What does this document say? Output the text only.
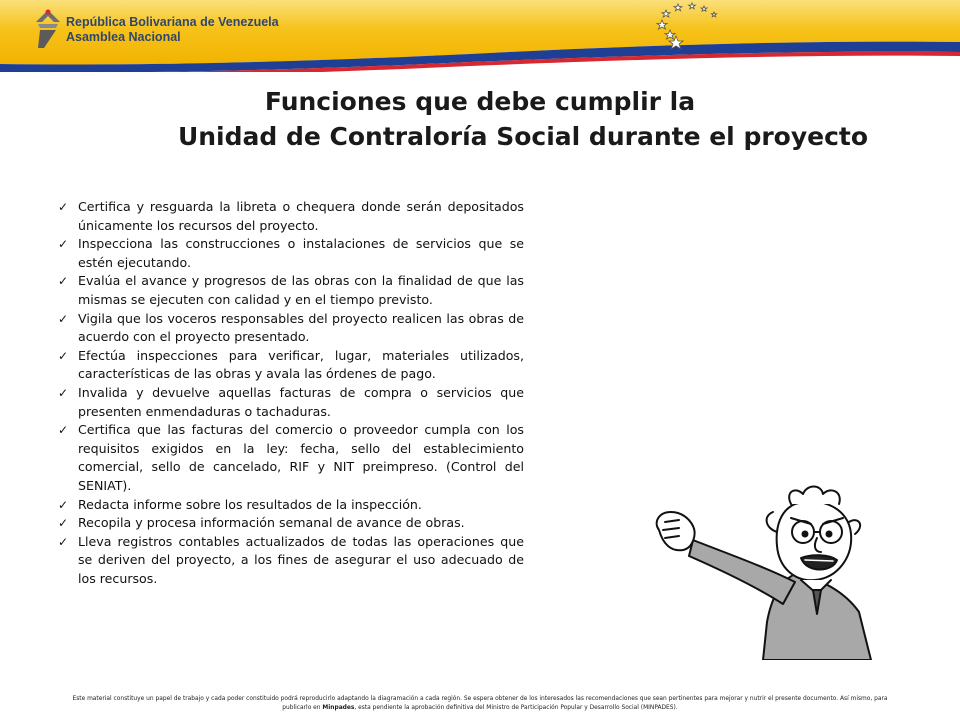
República Bolivariana de Venezuela
Asamblea Nacional
Funciones que debe cumplir la
Unidad de Contraloría Social durante el proyecto
✓ Certifica y resguarda la libreta o chequera donde serán depositados únicamente los recursos del proyecto.
✓ Inspecciona las construcciones o instalaciones de servicios que se estén ejecutando.
✓ Evalúa el avance y progresos de las obras con la finalidad de que las mismas se ejecuten con calidad y en el tiempo previsto.
✓ Vigila que los voceros responsables del proyecto realicen las obras de acuerdo con el proyecto presentado.
✓ Efectúa inspecciones para verificar, lugar, materiales utilizados, características de las obras y avala las órdenes de pago.
✓ Invalida y devuelve aquellas facturas de compra o servicios que presenten enmendaduras o tachaduras.
✓ Certifica que las facturas del comercio o proveedor cumpla con los requisitos exigidos en la ley: fecha, sello del establecimiento comercial, sello de cancelado, RIF y NIT preimpreso. (Control del SENIAT).
✓ Redacta informe sobre los resultados de la inspección.
✓ Recopila y procesa información semanal de avance de obras.
✓ Lleva registros contables actualizados de todas las operaciones que se deriven del proyecto, a los fines de asegurar el uso adecuado de los recursos.
Este material constituye un papel de trabajo y cada poder constituido podrá reproducirlo adaptando la diagramación a cada región. Se espera obtener de los interesados las recomendaciones que sean pertinentes para mejorar y nutrir el presente documento. Así mismo, para
publicarlo en Minpades, esta pendiente la aprobación definitiva del Ministro de Participación Popular y Desarrollo Social (MINPADES).
